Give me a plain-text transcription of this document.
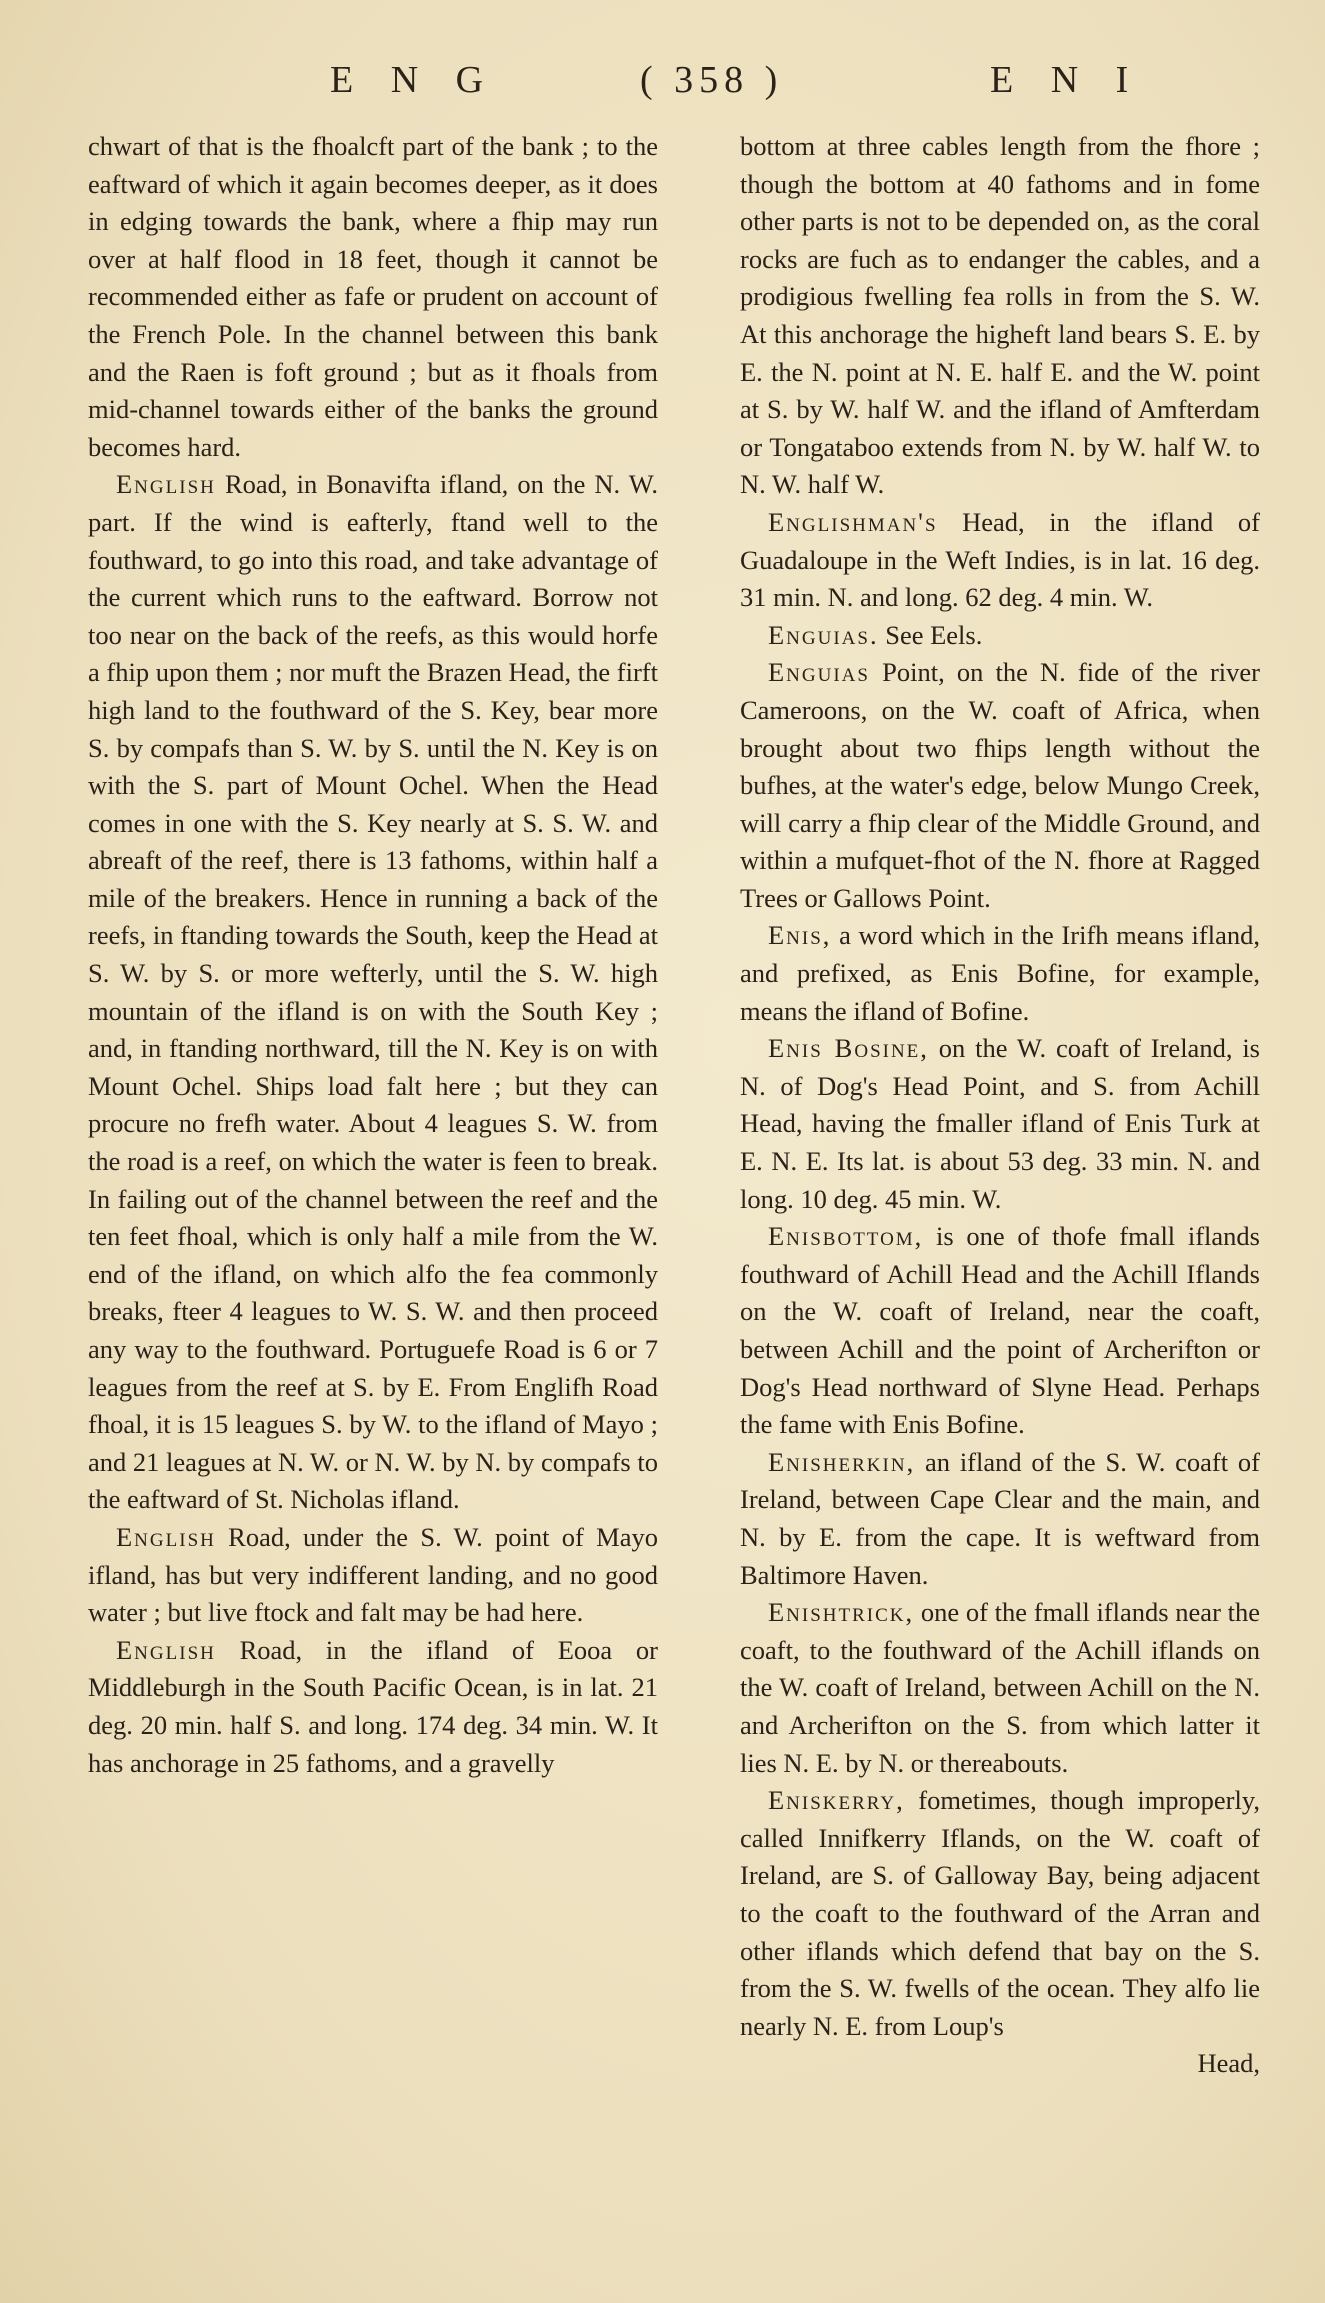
E N G	( 358 )	E N I

chwart of that is the fhoalcft part of the bank ; to the eaftward of which it again becomes deeper, as it does in edging towards the bank, where a fhip may run over at half flood in 18 feet, though it cannot be recommended either as fafe or prudent on account of the French Pole. In the channel between this bank and the Raen is foft ground ; but as it fhoals from mid-channel towards either of the banks the ground becomes hard.

English Road, in Bonavifta ifland, on the N. W. part. If the wind is eafterly, ftand well to the fouthward, to go into this road, and take advantage of the current which runs to the eaftward. Borrow not too near on the back of the reefs, as this would horfe a fhip upon them ; nor muft the Brazen Head, the firft high land to the fouthward of the S. Key, bear more S. by compafs than S. W. by S. until the N. Key is on with the S. part of Mount Ochel. When the Head comes in one with the S. Key nearly at S. S. W. and abreaft of the reef, there is 13 fathoms, within half a mile of the breakers. Hence in running a back of the reefs, in ftanding towards the South, keep the Head at S. W. by S. or more wefterly, until the S. W. high mountain of the ifland is on with the South Key ; and, in ftanding northward, till the N. Key is on with Mount Ochel. Ships load falt here ; but they can procure no frefh water. About 4 leagues S. W. from the road is a reef, on which the water is feen to break. In failing out of the channel between the reef and the ten feet fhoal, which is only half a mile from the W. end of the ifland, on which alfo the fea commonly breaks, fteer 4 leagues to W. S. W. and then proceed any way to the fouthward. Portuguefe Road is 6 or 7 leagues from the reef at S. by E. From Englifh Road fhoal, it is 15 leagues S. by W. to the ifland of Mayo ; and 21 leagues at N. W. or N. W. by N. by compafs to the eaftward of St. Nicholas ifland.

English Road, under the S. W. point of Mayo ifland, has but very indifferent landing, and no good water ; but live ftock and falt may be had here.

English Road, in the ifland of Eooa or Middleburgh in the South Pacific Ocean, is in lat. 21 deg. 20 min. half S. and long. 174 deg. 34 min. W. It has anchorage in 25 fathoms, and a gravelly

bottom at three cables length from the fhore ; though the bottom at 40 fathoms and in fome other parts is not to be depended on, as the coral rocks are fuch as to endanger the cables, and a prodigious fwelling fea rolls in from the S. W. At this anchorage the higheft land bears S. E. by E. the N. point at N. E. half E. and the W. point at S. by W. half W. and the ifland of Amfterdam or Tongataboo extends from N. by W. half W. to N. W. half W.

Englishman's Head, in the ifland of Guadaloupe in the Weft Indies, is in lat. 16 deg. 31 min. N. and long. 62 deg. 4 min. W.

Enguias. See Eels.

Enguias Point, on the N. fide of the river Cameroons, on the W. coaft of Africa, when brought about two fhips length without the bufhes, at the water's edge, below Mungo Creek, will carry a fhip clear of the Middle Ground, and within a mufquet-fhot of the N. fhore at Ragged Trees or Gallows Point.

Enis, a word which in the Irifh means ifland, and prefixed, as Enis Bofine, for example, means the ifland of Bofine.

Enis Bosine, on the W. coaft of Ireland, is N. of Dog's Head Point, and S. from Achill Head, having the fmaller ifland of Enis Turk at E. N. E. Its lat. is about 53 deg. 33 min. N. and long. 10 deg. 45 min. W.

Enisbottom, is one of thofe fmall iflands fouthward of Achill Head and the Achill Iflands on the W. coaft of Ireland, near the coaft, between Achill and the point of Archerifton or Dog's Head northward of Slyne Head. Perhaps the fame with Enis Bofine.

Enisherkin, an ifland of the S. W. coaft of Ireland, between Cape Clear and the main, and N. by E. from the cape. It is weftward from Baltimore Haven.

Enishtrick, one of the fmall iflands near the coaft, to the fouthward of the Achill iflands on the W. coaft of Ireland, between Achill on the N. and Archerifton on the S. from which latter it lies N. E. by N. or thereabouts.

Eniskerry, fometimes, though improperly, called Innifkerry Iflands, on the W. coaft of Ireland, are S. of Galloway Bay, being adjacent to the coaft to the fouthward of the Arran and other iflands which defend that bay on the S. from the S. W. fwells of the ocean. They alfo lie nearly N. E. from Loup's

Head,
